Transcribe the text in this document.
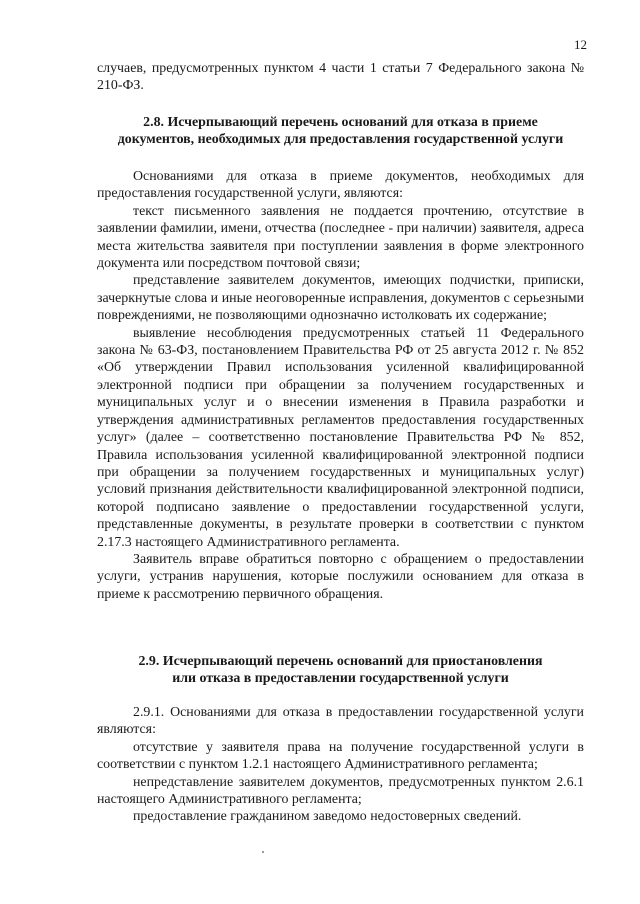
12

случаев, предусмотренных пунктом 4 части 1 статьи 7 Федерального закона № 210-ФЗ.

2.8. Исчерпывающий перечень оснований для отказа в приеме
документов, необходимых для предоставления государственной услуги

Основаниями для отказа в приеме документов, необходимых для предоставления государственной услуги, являются:

текст письменного заявления не поддается прочтению, отсутствие в заявлении фамилии, имени, отчества (последнее - при наличии) заявителя, адреса места жительства заявителя при поступлении заявления в форме электронного документа или посредством почтовой связи;

представление заявителем документов, имеющих подчистки, приписки, зачеркнутые слова и иные неоговоренные исправления, документов с серьезными повреждениями, не позволяющими однозначно истолковать их содержание;

выявление несоблюдения предусмотренных статьей 11 Федерального закона № 63-ФЗ, постановлением Правительства РФ от 25 августа 2012 г. № 852 «Об утверждении Правил использования усиленной квалифицированной электронной подписи при обращении за получением государственных и муниципальных услуг и о внесении изменения в Правила разработки и утверждения административных регламентов предоставления государственных услуг» (далее – соответственно постановление Правительства РФ № 852, Правила использования усиленной квалифицированной электронной подписи при обращении за получением государственных и муниципальных услуг) условий признания действительности квалифицированной электронной подписи, которой подписано заявление о предоставлении государственной услуги, представленные документы, в результате проверки в соответствии с пунктом 2.17.3 настоящего Административного регламента.

Заявитель вправе обратиться повторно с обращением о предоставлении услуги, устранив нарушения, которые послужили основанием для отказа в приеме к рассмотрению первичного обращения.

2.9. Исчерпывающий перечень оснований для приостановления
или отказа в предоставлении государственной услуги

2.9.1. Основаниями для отказа в предоставлении государственной услуги являются:

отсутствие у заявителя права на получение государственной услуги в соответствии с пунктом 1.2.1 настоящего Административного регламента;

непредставление заявителем документов, предусмотренных пунктом 2.6.1 настоящего Административного регламента;

предоставление гражданином заведомо недостоверных сведений.
